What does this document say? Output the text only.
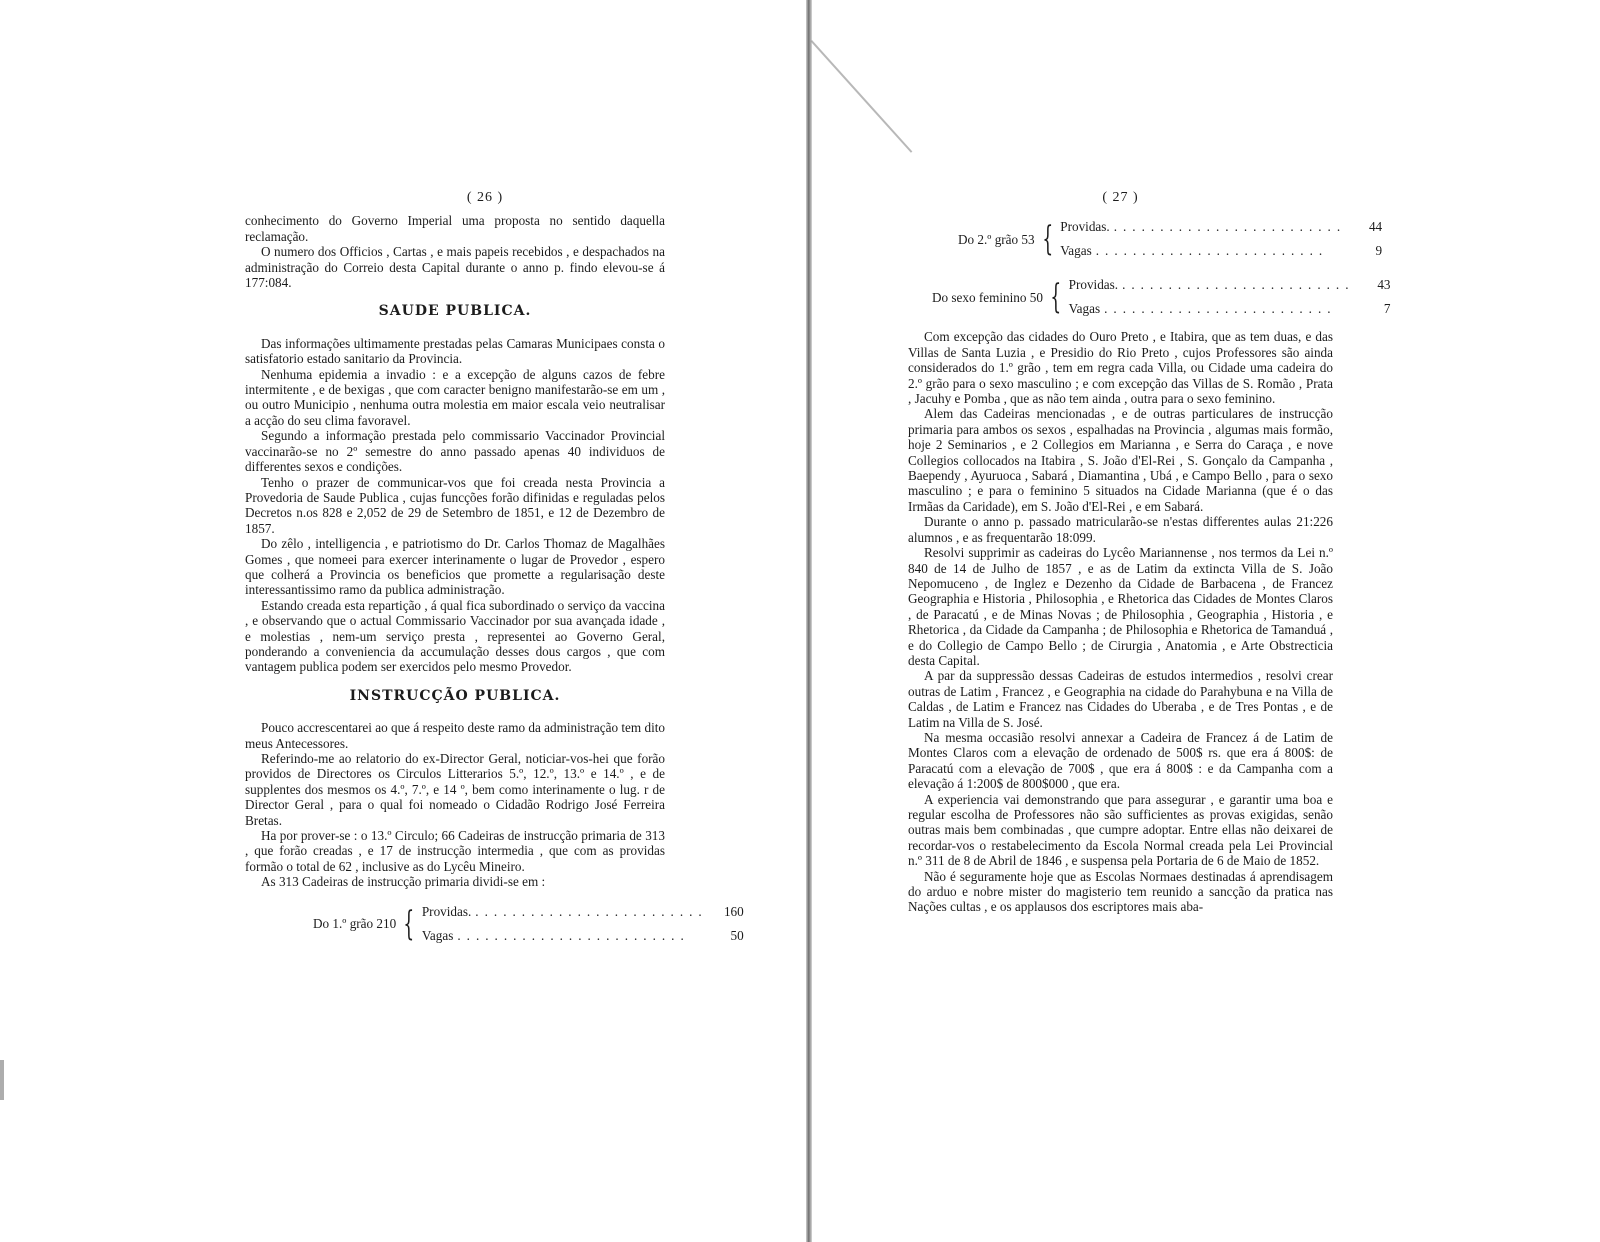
( 26 )

conhecimento do Governo Imperial uma proposta no sentido daquella reclamação.

O numero dos Officios , Cartas , e mais papeis recebidos , e despachados na administração do Correio desta Capital durante o anno p. findo elevou-se á 177:084.

SAUDE PUBLICA.

Das informações ultimamente prestadas pelas Camaras Municipaes consta o satisfatorio estado sanitario da Provincia.

Nenhuma epidemia a invadio : e a excepção de alguns cazos de febre intermitente , e de bexigas , que com caracter benigno manifestarão-se em um , ou outro Municipio , nenhuma outra molestia em maior escala veio neutralisar a acção do seu clima favoravel.

Segundo a informação prestada pelo commissario Vaccinador Provincial vaccinarão-se no 2º semestre do anno passado apenas 40 individuos de differentes sexos e condições.

Tenho o prazer de communicar-vos que foi creada nesta Provincia a Provedoria de Saude Publica , cujas funcções forão difinidas e reguladas pelos Decretos n.os 828 e 2,052 de 29 de Setembro de 1851, e 12 de Dezembro de 1857.

Do zêlo , intelligencia , e patriotismo do Dr. Carlos Thomaz de Magalhães Gomes , que nomeei para exercer interinamente o lugar de Provedor , espero que colherá a Provincia os beneficios que promette a regularisação deste interessantissimo ramo da publica administração.

Estando creada esta repartição , á qual fica subordinado o serviço da vaccina , e observando que o actual Commissario Vaccinador por sua avançada idade , e molestias , nem-um serviço presta , representei ao Governo Geral, ponderando a conveniencia da accumulação desses dous cargos , que com vantagem publica podem ser exercidos pelo mesmo Provedor.

INSTRUCÇÃO PUBLICA.

Pouco accrescentarei ao que á respeito deste ramo da administração tem dito meus Antecessores.

Referindo-me ao relatorio do ex-Director Geral, noticiar-vos-hei que forão providos de Directores os Circulos Litterarios 5.º, 12.º, 13.º e 14.º , e de supplentes dos mesmos os 4.º, 7.º, e 14 º, bem como interinamente o lug. r de Director Geral , para o qual foi nomeado o Cidadão Rodrigo José Ferreira Bretas.

Ha por prover-se : o 13.º Circulo; 66 Cadeiras de instrucção primaria de 313 , que forão creadas , e 17 de instrucção intermedia , que com as providas formão o total de 62 , inclusive as do Lycêu Mineiro.

As 313 Cadeiras de instrucção primaria dividi-se em :

Do 1.º grão 210 { Providas. .........................	160
Vagas .........................	50
( 27 )
Do 2.º grão 53 { Providas. .........................	44
Vagas .........................	9
Do sexo feminino 50 { Providas. .........................	43
Vagas .........................	7

Com excepção das cidades do Ouro Preto , e Itabira, que as tem duas, e das Villas de Santa Luzia , e Presidio do Rio Preto , cujos Professores são ainda considerados do 1.º grão , tem em regra cada Villa, ou Cidade uma cadeira do 2.º grão para o sexo masculino ; e com excepção das Villas de S. Romão , Prata , Jacuhy e Pomba , que as não tem ainda , outra para o sexo feminino.

Alem das Cadeiras mencionadas , e de outras particulares de instrucção primaria para ambos os sexos , espalhadas na Provincia , algumas mais formão, hoje 2 Seminarios , e 2 Collegios em Marianna , e Serra do Caraça , e nove Collegios collocados na Itabira , S. João d'El-Rei , S. Gonçalo da Campanha , Baependy , Ayuruoca , Sabará , Diamantina , Ubá , e Campo Bello , para o sexo masculino ; e para o feminino 5 situados na Cidade Marianna (que é o das Irmãas da Caridade), em S. João d'El-Rei , e em Sabará.

Durante o anno p. passado matricularão-se n'estas differentes aulas 21:226 alumnos , e as frequentarão 18:099.

Resolvi supprimir as cadeiras do Lycêo Mariannense , nos termos da Lei n.º 840 de 14 de Julho de 1857 , e as de Latim da extincta Villa de S. João Nepomuceno , de Inglez e Dezenho da Cidade de Barbacena , de Francez Geographia e Historia , Philosophia , e Rhetorica das Cidades de Montes Claros , de Paracatú , e de Minas Novas ; de Philosophia , Geographia , Historia , e Rhetorica , da Cidade da Campanha ; de Philosophia e Rhetorica de Tamanduá , e do Collegio de Campo Bello ; de Cirurgia , Anatomia , e Arte Obstrecticia desta Capital.

A par da suppressão dessas Cadeiras de estudos intermedios , resolvi crear outras de Latim , Francez , e Geographia na cidade do Parahybuna e na Villa de Caldas , de Latim e Francez nas Cidades do Uberaba , e de Tres Pontas , e de Latim na Villa de S. José.

Na mesma occasião resolvi annexar a Cadeira de Francez á de Latim de Montes Claros com a elevação de ordenado de 500$ rs. que era á 800$: de Paracatú com a elevação de 700$ , que era á 800$ : e da Campanha com a elevação á 1:200$ de 800$000 , que era.

A experiencia vai demonstrando que para assegurar , e garantir uma boa e regular escolha de Professores não são sufficientes as provas exigidas, senão outras mais bem combinadas , que cumpre adoptar. Entre ellas não deixarei de recordar-vos o restabelecimento da Escola Normal creada pela Lei Provincial n.º 311 de 8 de Abril de 1846 , e suspensa pela Portaria de 6 de Maio de 1852.

Não é seguramente hoje que as Escolas Normaes destinadas á aprendisagem do arduo e nobre mister do magisterio tem reunido a sancção da pratica nas Nações cultas , e os applausos dos escriptores mais aba-
